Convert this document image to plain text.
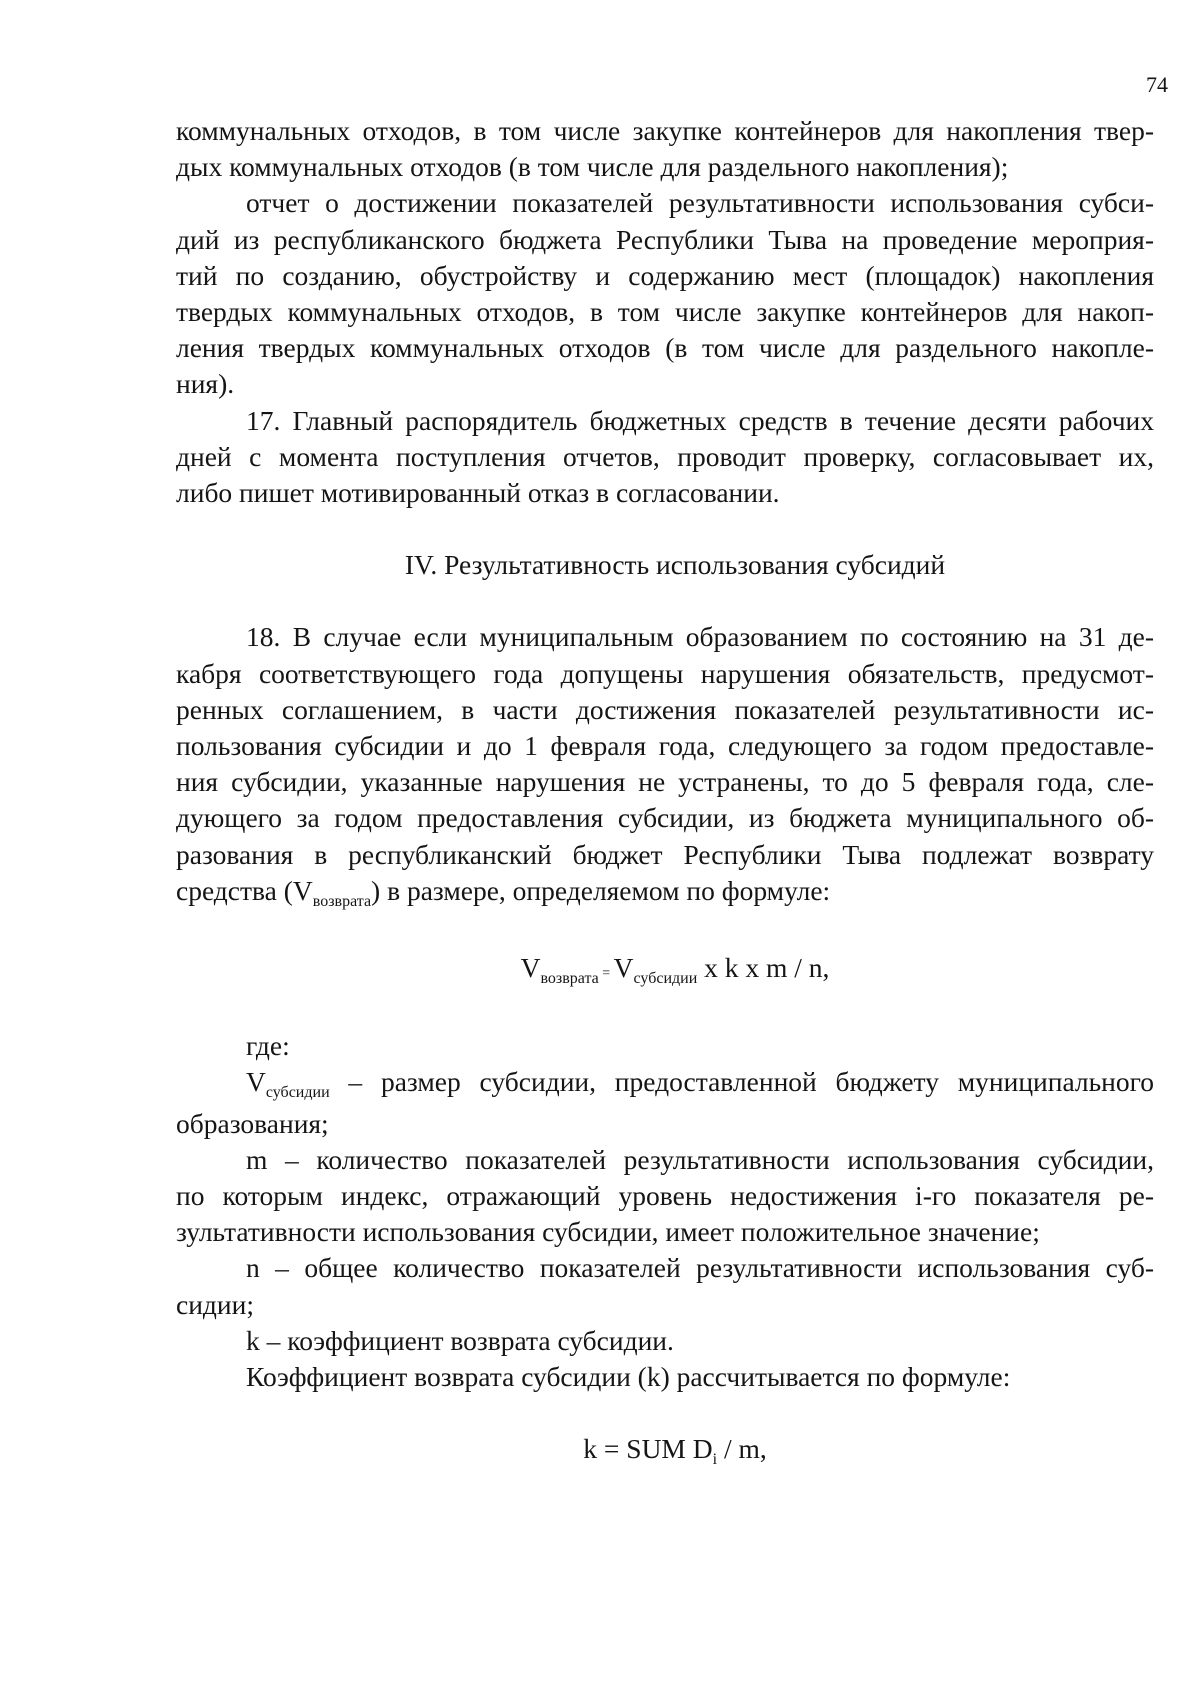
74
коммунальных отходов, в том числе закупке контейнеров для накопления твер-
дых коммунальных отходов (в том числе для раздельного накопления);
отчет о достижении показателей результативности использования субси-
дий из республиканского бюджета Республики Тыва на проведение мероприя-
тий по созданию, обустройству и содержанию мест (площадок) накопления
твердых коммунальных отходов, в том числе закупке контейнеров для накоп-
ления твердых коммунальных отходов (в том числе для раздельного накопле-
ния).
17. Главный распорядитель бюджетных средств в течение десяти рабочих
дней с момента поступления отчетов, проводит проверку, согласовывает их,
либо пишет мотивированный отказ в согласовании.
IV. Результативность использования субсидий
18. В случае если муниципальным образованием по состоянию на 31 де-
кабря соответствующего года допущены нарушения обязательств, предусмот-
ренных соглашением, в части достижения показателей результативности ис-
пользования субсидии и до 1 февраля года, следующего за годом предоставле-
ния субсидии, указанные нарушения не устранены, то до 5 февраля года, сле-
дующего за годом предоставления субсидии, из бюджета муниципального об-
разования в республиканский бюджет Республики Тыва подлежат возврату
средства $(V_{возврата})$ в размере, определяемом по формуле:
$V_{возврата} = V_{субсидии}$ x k x m / n,
где:
$V_{субсидии}$ – размер субсидии, предоставленной бюджету муниципального
образования;
m – количество показателей результативности использования субсидии,
по которым индекс, отражающий уровень недостижения i-го показателя ре-
зультативности использования субсидии, имеет положительное значение;
n – общее количество показателей результативности использования суб-
сидии;
k – коэффициент возврата субсидии.
Коэффициент возврата субсидии (k) рассчитывается по формуле:
k = SUM $D_i$ / m,
